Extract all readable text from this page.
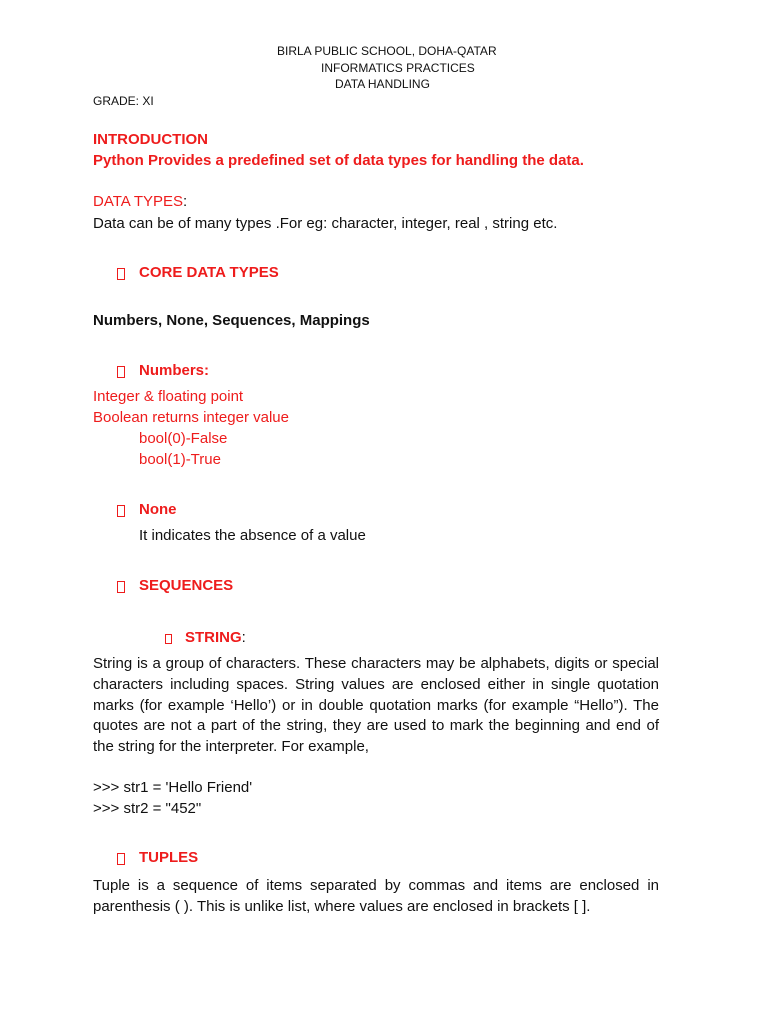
BIRLA PUBLIC SCHOOL, DOHA-QATAR

INFORMATICS PRACTICES

DATA HANDLING

GRADE: XI

INTRODUCTION

Python Provides a predefined set of data types for handling the data.

DATA TYPES:

Data can be of many types .For eg: character, integer, real , string etc.

CORE DATA TYPES

Numbers, None, Sequences, Mappings

Numbers:

Integer & floating point

Boolean returns integer value

bool(0)-False

bool(1)-True

None

It indicates the absence of a value

SEQUENCES

STRING:

String is a group of characters. These characters may be alphabets, digits or special characters including spaces. String values are enclosed either in single quotation marks (for example ‘Hello’) or in double quotation marks (for example “Hello”). The quotes are not a part of the string, they are used to mark the beginning and end of the string for the interpreter. For example,

>>> str1 = 'Hello Friend'

>>> str2 = "452"

TUPLES

Tuple is a sequence of items separated by commas and items are enclosed in parenthesis ( ). This is unlike list, where values are enclosed in brackets [ ].
